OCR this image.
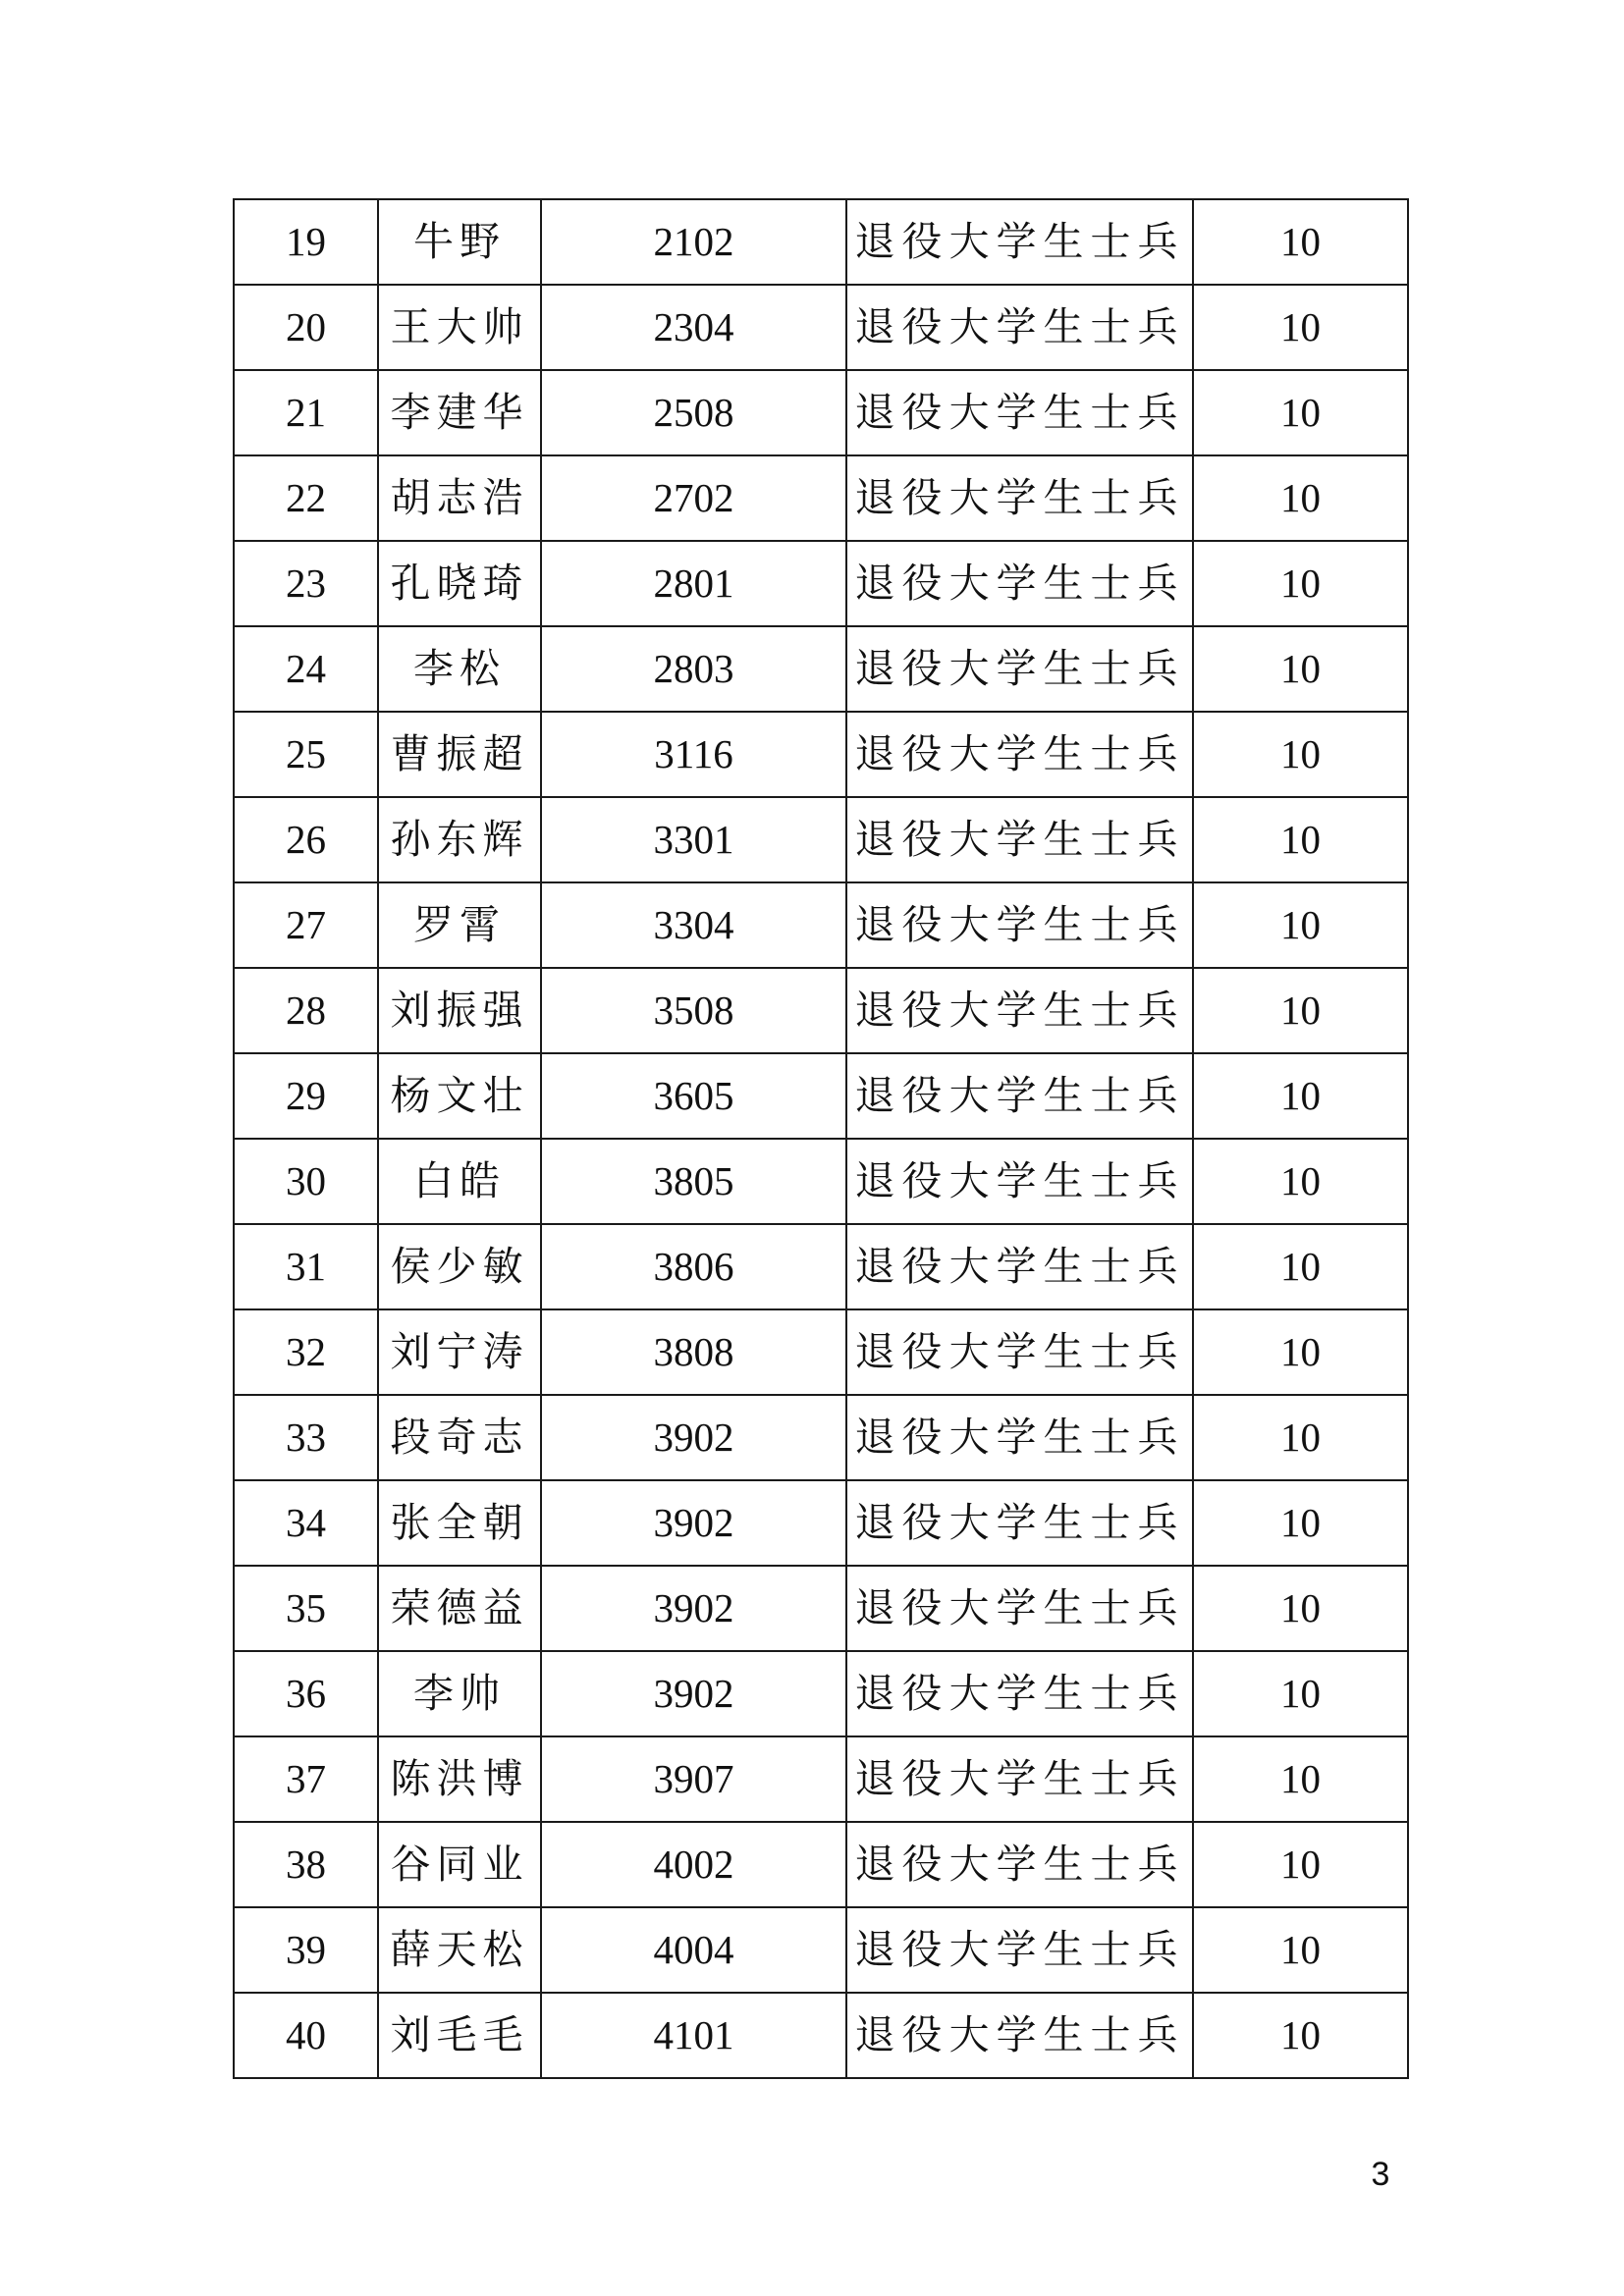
19	牛野	2102	退役大学生士兵	10
20	王大帅	2304	退役大学生士兵	10
21	李建华	2508	退役大学生士兵	10
22	胡志浩	2702	退役大学生士兵	10
23	孔晓琦	2801	退役大学生士兵	10
24	李松	2803	退役大学生士兵	10
25	曹振超	3116	退役大学生士兵	10
26	孙东辉	3301	退役大学生士兵	10
27	罗霄	3304	退役大学生士兵	10
28	刘振强	3508	退役大学生士兵	10
29	杨文壮	3605	退役大学生士兵	10
30	白皓	3805	退役大学生士兵	10
31	侯少敏	3806	退役大学生士兵	10
32	刘宁涛	3808	退役大学生士兵	10
33	段奇志	3902	退役大学生士兵	10
34	张全朝	3902	退役大学生士兵	10
35	荣德益	3902	退役大学生士兵	10
36	李帅	3902	退役大学生士兵	10
37	陈洪博	3907	退役大学生士兵	10
38	谷同业	4002	退役大学生士兵	10
39	薛天松	4004	退役大学生士兵	10
40	刘毛毛	4101	退役大学生士兵	10
3
